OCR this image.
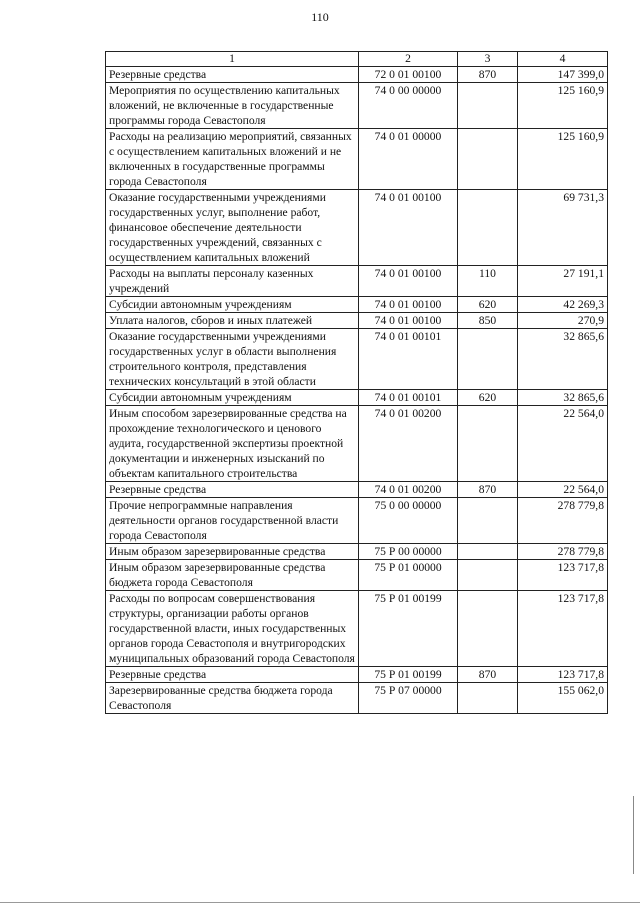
110
1	2	3	4
Резервные средства	72 0 01 00100	870	147 399,0
Мероприятия по осуществлению капитальных вложений, не включенные в государственные программы города Севастополя	74 0 00 00000		125 160,9
Расходы на реализацию мероприятий, связанных с осуществлением капитальных вложений и не включенных в государственные программы города Севастополя	74 0 01 00000		125 160,9
Оказание государственными учреждениями государственных услуг, выполнение работ, финансовое обеспечение деятельности государственных учреждений, связанных с осуществлением капитальных вложений	74 0 01 00100		69 731,3
Расходы на выплаты персоналу казенных учреждений	74 0 01 00100	110	27 191,1
Субсидии автономным учреждениям	74 0 01 00100	620	42 269,3
Уплата налогов, сборов и иных платежей	74 0 01 00100	850	270,9
Оказание государственными учреждениями государственных услуг в области выполнения строительного контроля, представления технических консультаций в этой области	74 0 01 00101		32 865,6
Субсидии автономным учреждениям	74 0 01 00101	620	32 865,6
Иным способом зарезервированные средства на прохождение технологического и ценового аудита, государственной экспертизы проектной документации и инженерных изысканий по объектам капитального строительства	74 0 01 00200		22 564,0
Резервные средства	74 0 01 00200	870	22 564,0
Прочие непрограммные направления деятельности органов государственной власти города Севастополя	75 0 00 00000		278 779,8
Иным образом зарезервированные средства	75 Р 00 00000		278 779,8
Иным образом зарезервированные средства бюджета города Севастополя	75 Р 01 00000		123 717,8
Расходы по вопросам совершенствования структуры, организации работы органов государственной власти, иных государственных органов города Севастополя и внутригородских муниципальных образований города Севастополя	75 Р 01 00199		123 717,8
Резервные средства	75 Р 01 00199	870	123 717,8
Зарезервированные средства бюджета города Севастополя	75 Р 07 00000		155 062,0
